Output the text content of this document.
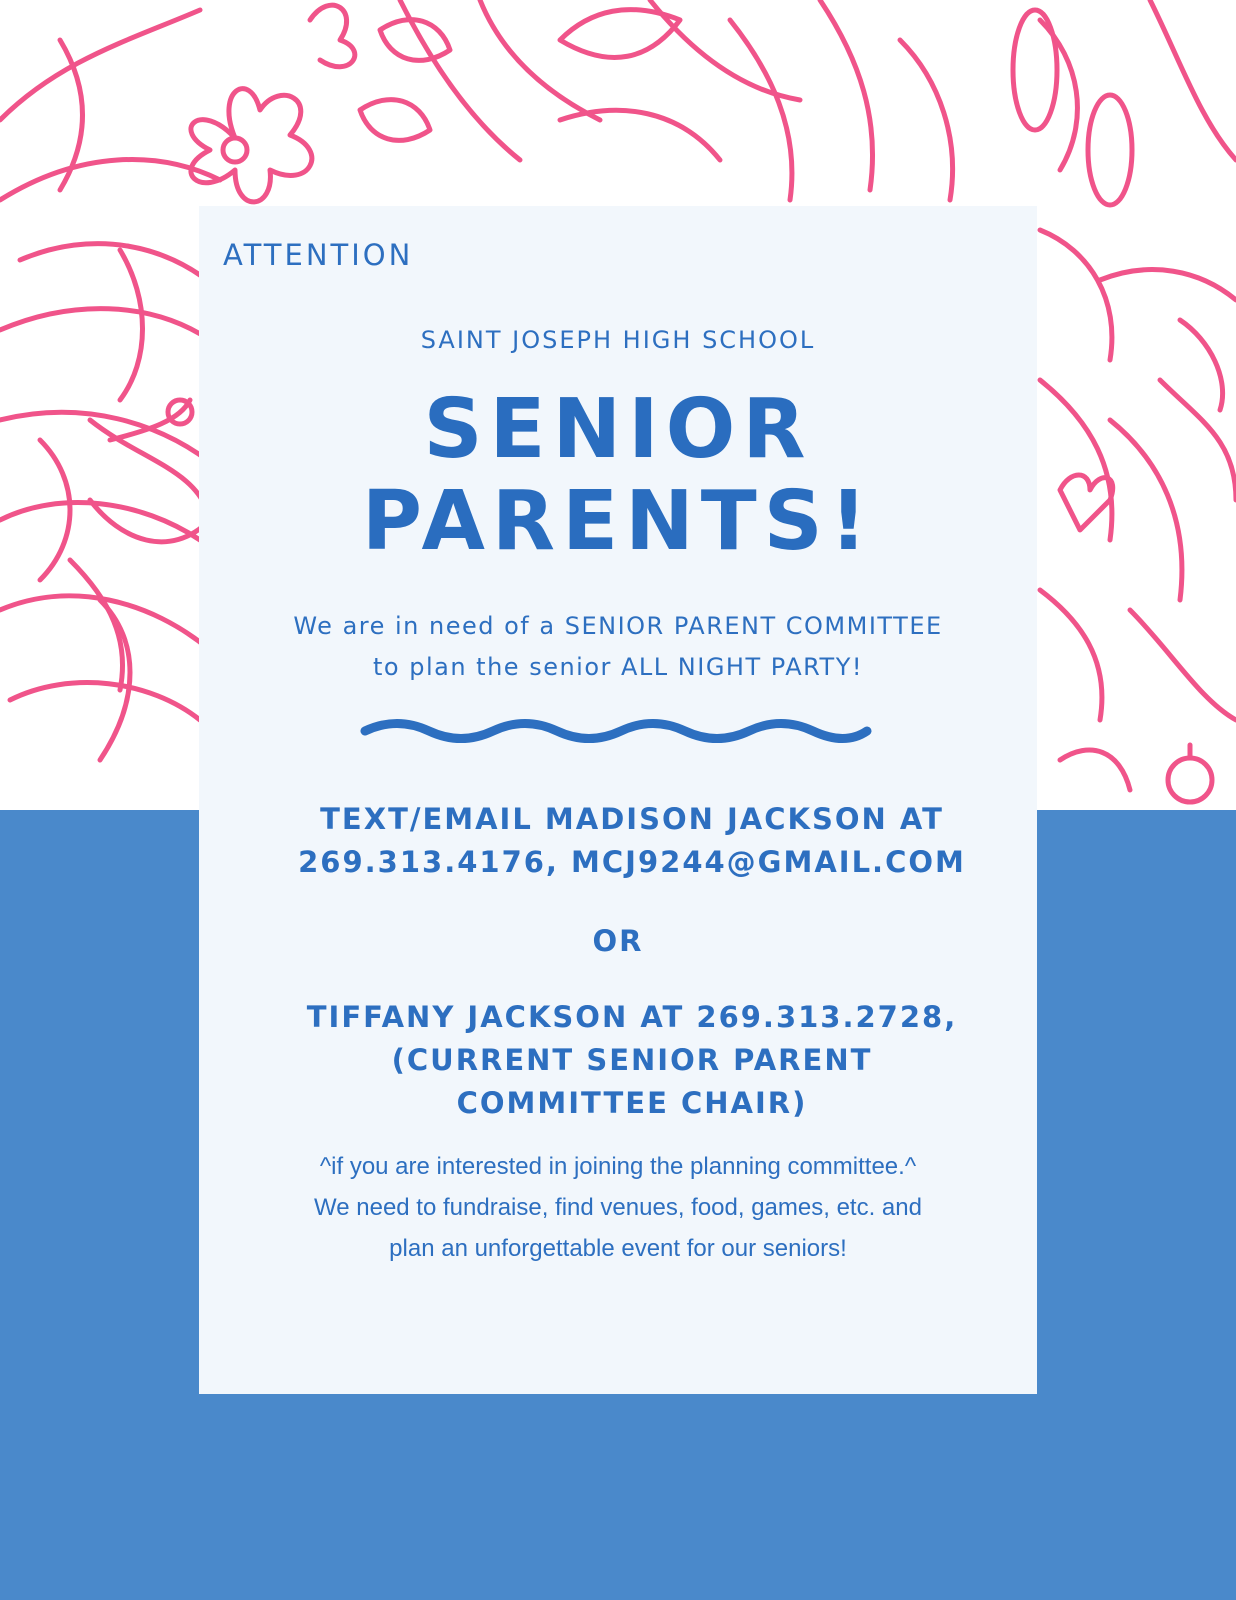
ATTENTION

SAINT JOSEPH HIGH SCHOOL

SENIOR
PARENTS!

We are in need of a SENIOR PARENT COMMITTEE
to plan the senior ALL NIGHT PARTY!

TEXT/EMAIL MADISON JACKSON AT
269.313.4176, MCJ9244@GMAIL.COM

OR

TIFFANY JACKSON AT 269.313.2728,
(CURRENT SENIOR PARENT
COMMITTEE CHAIR)

^if you are interested in joining the planning committee.^
We need to fundraise, find venues, food, games, etc. and
plan an unforgettable event for our seniors!
